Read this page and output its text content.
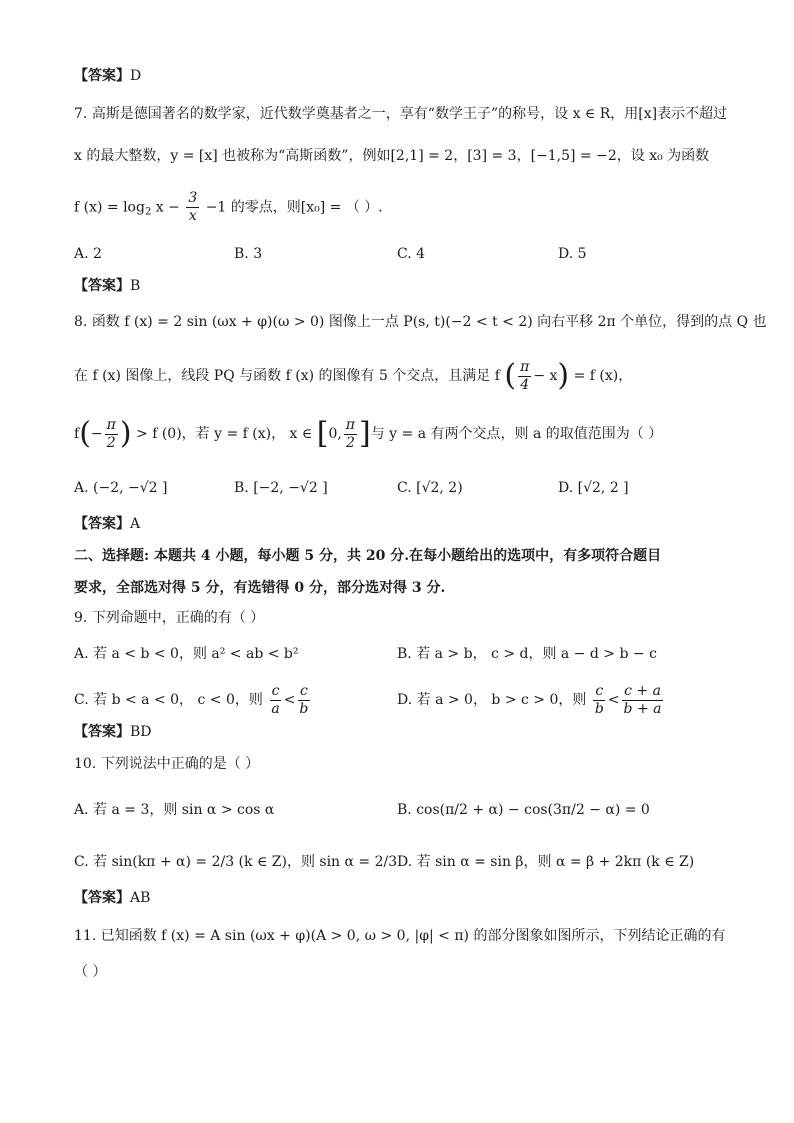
【答案】D
7. 高斯是德国著名的数学家，近代数学奠基者之一，享有“数学王子”的称号，设 x ∈ R，用[x]表示不超过
x 的最大整数，y = [x] 也被称为“高斯函数”，例如[2,1] = 2，[3] = 3，[−1,5] = −2，设 x₀ 为函数
f $(x) = \log_2 x - \frac{3}{x} -1$ 的零点，则[x₀] = （ ）.
A. 2	B. 3	C. 4	D. 5
【答案】B
8. 函数 f (x) = 2 sin (ωx + φ)(ω > 0) 图像上一点 P(s, t)(−2 < t < 2) 向右平移 2π 个单位，得到的点 Q 也
在 f (x) 图像上，线段 PQ 与函数 f (x) 的图像有 5 个交点，且满足 f ( $\frac{\pi}{4} - x) = f$ (x)，
$f(- \frac{\pi}{2}$ ) > f (0)，若 y = f (x)， x ∈ [0, $\frac{\pi}{2}$ ]与 y = a 有两个交点，则 a 的取值范围为（ ）
A. (−2, −√2 ]	B. [−2, −√2 ]	C. [√2, 2)	D. [√2, 2 ]
【答案】A
二、选择题: 本题共 4 小题，每小题 5 分，共 20 分.在每小题给出的选项中，有多项符合题目
要求，全部选对得 5 分，有选错得 0 分，部分选对得 3 分.
9. 下列命题中，正确的有（ ）
A. 若 a < b < 0，则 a² < ab < b²	B. 若 a > b， c > d，则 a − d > b − c
C. 若 b < a < 0， c < 0，则 $\frac{c}{a} < \frac{c}{b}$	D. 若 a > 0， b > c > 0，则 $\frac{c}{b} < \frac{c + a}{b + a}$
【答案】BD
10. 下列说法中正确的是（ ）
A. 若 a = 3，则 sin α > cos α	B. cos(π/2 + α) − cos(3π/2 − α) = 0
C. 若 sin(kπ + α) = 2/3 (k ∈ Z)，则 sin α = 2/3 D. 若 sin α = sin β，则 α = β + 2kπ (k ∈ Z)
【答案】AB
11. 已知函数 f (x) = A sin (ωx + φ)(A > 0, ω > 0, |φ| < π) 的部分图象如图所示，下列结论正确的有
（ ）
